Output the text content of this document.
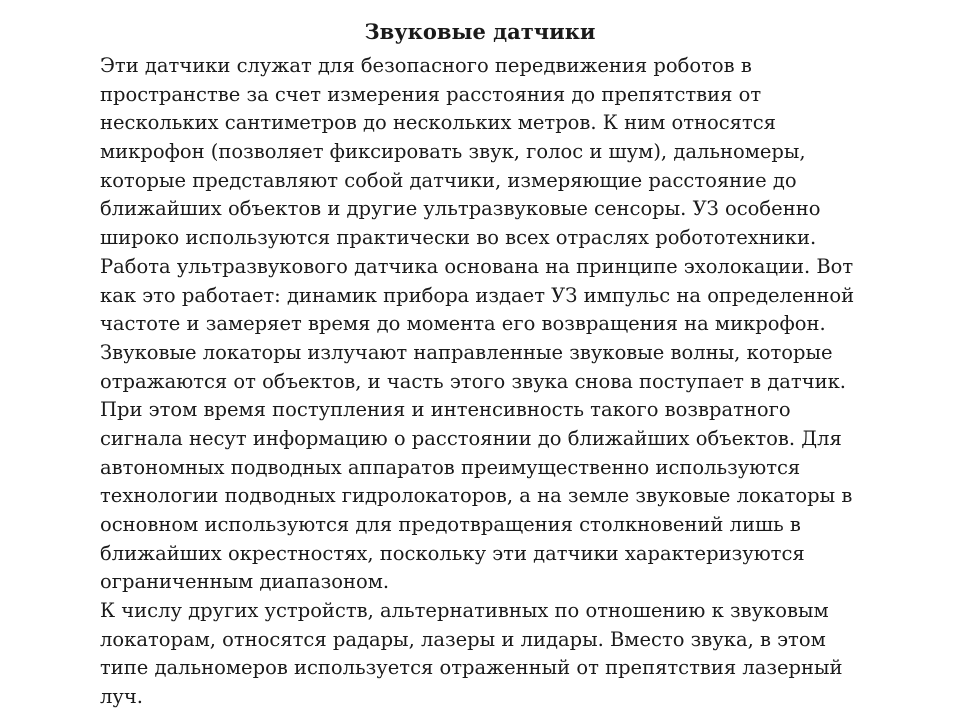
Звуковые датчики
Эти датчики служат для безопасного передвижения роботов в
пространстве за счет измерения расстояния до препятствия от
нескольких сантиметров до нескольких метров. К ним относятся
микрофон (позволяет фиксировать звук, голос и шум), дальномеры,
которые представляют собой датчики, измеряющие расстояние до
ближайших объектов и другие ультразвуковые сенсоры. УЗ особенно
широко используются практически во всех отраслях робототехники.
Работа ультразвукового датчика основана на принципе эхолокации. Вот
как это работает: динамик прибора издает УЗ импульс на определенной
частоте и замеряет время до момента его возвращения на микрофон.
Звуковые локаторы излучают направленные звуковые волны, которые
отражаются от объектов, и часть этого звука снова поступает в датчик.
При этом время поступления и интенсивность такого возвратного
сигнала несут информацию о расстоянии до ближайших объектов. Для
автономных подводных аппаратов преимущественно используются
технологии подводных гидролокаторов, а на земле звуковые локаторы в
основном используются для предотвращения столкновений лишь в
ближайших окрестностях, поскольку эти датчики характеризуются
ограниченным диапазоном.
К числу других устройств, альтернативных по отношению к звуковым
локаторам, относятся радары, лазеры и лидары. Вместо звука, в этом
типе дальномеров используется отраженный от препятствия лазерный
луч.
